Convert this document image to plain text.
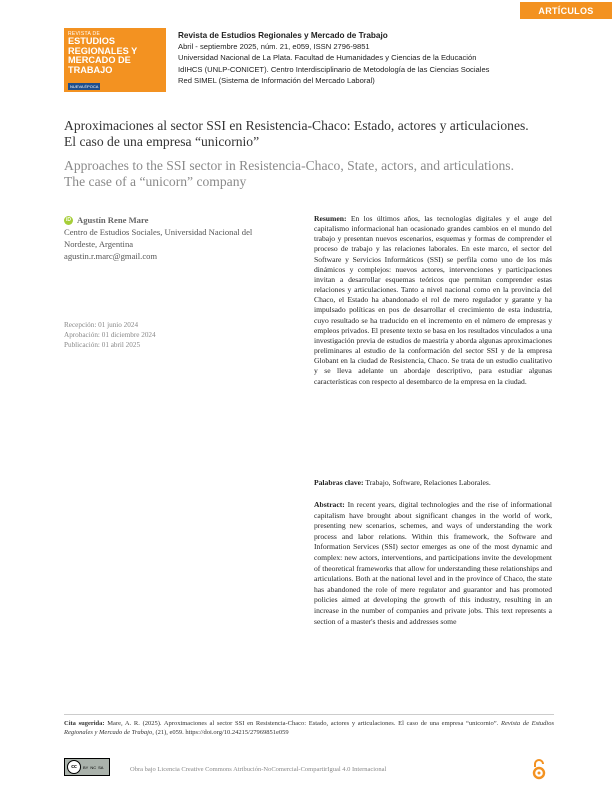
ARTÍCULOS
REVISTA DE
ESTUDIOS
REGIONALES Y
MERCADO DE
TRABAJO
NUEVA ÉPOCA
Revista de Estudios Regionales y Mercado de Trabajo
Abril - septiembre 2025, núm. 21, e059, ISSN 2796-9851
Universidad Nacional de La Plata. Facultad de Humanidades y Ciencias de la Educación
IdIHCS (UNLP-CONICET). Centro Interdisciplinario de Metodología de las Ciencias Sociales
Red SIMEL (Sistema de Información del Mercado Laboral)
Aproximaciones al sector SSI en Resistencia-Chaco: Estado, actores y articulaciones.
El caso de una empresa “unicornio”
Approaches to the SSI sector in Resistencia-Chaco, State, actors, and articulations.
The case of a “unicorn” company
iD Agustín Rene Mare
Centro de Estudios Sociales, Universidad Nacional del
Nordeste, Argentina
agustin.r.marc@gmail.com
Recepción: 01 junio 2024
Aprobación: 01 diciembre 2024
Publicación: 01 abril 2025
Resumen: En los últimos años, las tecnologías digitales y el auge del capitalismo informacional han ocasionado grandes cambios en el mundo del trabajo y presentan nuevos escenarios, esquemas y formas de comprender el proceso de trabajo y las relaciones laborales. En este marco, el sector del Software y Servicios Informáticos (SSI) se perfila como uno de los más dinámicos y complejos: nuevos actores, intervenciones y participaciones invitan a desarrollar esquemas teóricos que permitan comprender estas relaciones y articulaciones. Tanto a nivel nacional como en la provincia del Chaco, el Estado ha abandonado el rol de mero regulador y garante y ha impulsado políticas en pos de desarrollar el crecimiento de esta industria, cuyo resultado se ha traducido en el incremento en el número de empresas y empleos privados. El presente texto se basa en los resultados vinculados a una investigación previa de estudios de maestría y aborda algunas aproximaciones preliminares al estudio de la conformación del sector SSI y de la empresa Globant en la ciudad de Resistencia, Chaco. Se trata de un estudio cualitativo y se lleva adelante un abordaje descriptivo, para estudiar algunas características con respecto al desembarco de la empresa en la ciudad.
Palabras clave: Trabajo, Software, Relaciones Laborales.
Abstract: In recent years, digital technologies and the rise of informational capitalism have brought about significant changes in the world of work, presenting new scenarios, schemes, and ways of understanding the work process and labor relations. Within this framework, the Software and Information Services (SSI) sector emerges as one of the most dynamic and complex: new actors, interventions, and participations invite the development of theoretical frameworks that allow for understanding these relationships and articulations. Both at the national level and in the province of Chaco, the state has abandoned the role of mere regulator and guarantor and has promoted policies aimed at developing the growth of this industry, resulting in an increase in the number of companies and private jobs. This text represents a section of a master's thesis and addresses some
Cita sugerida: Mare, A. R. (2025). Aproximaciones al sector SSI en Resistencia-Chaco: Estado, actores y articulaciones. El caso de una empresa “unicornio”. Revista de Estudios Regionales y Mercado de Trabajo, (21), e059. https://doi.org/10.24215/27969851e059
cc	BY NC SA	Obra bajo Licencia Creative Commons Atribución-NoComercial-CompartirIgual 4.0 Internacional
